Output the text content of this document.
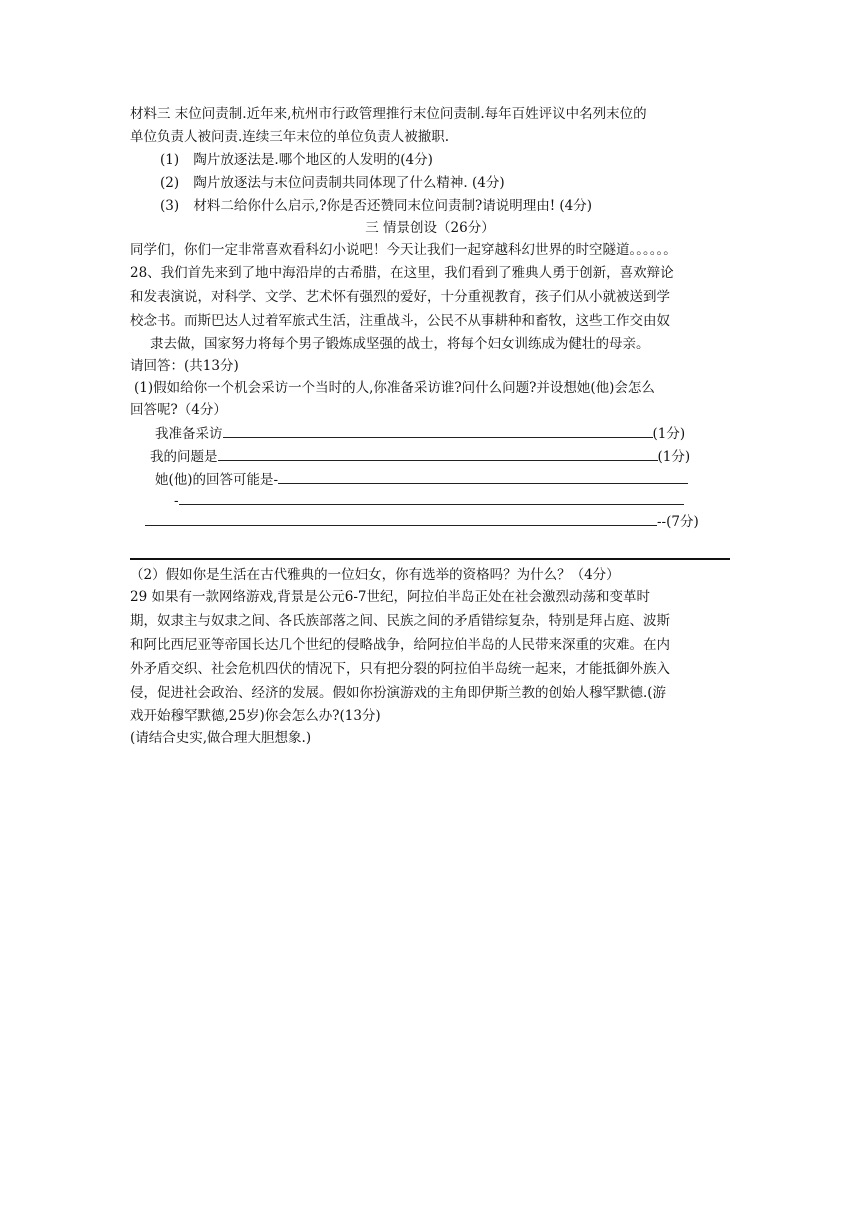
材料三 末位问责制.近年来,杭州市行政管理推行末位问责制.每年百姓评议中名列末位的
单位负责人被问责.连续三年末位的单位负责人被撤职.
(1) 陶片放逐法是.哪个地区的人发明的(4分)
(2) 陶片放逐法与末位问责制共同体现了什么精神. (4分)
(3) 材料二给你什么启示,?你是否还赞同末位问责制?请说明理由! (4分)
三 情景创设（26分）
同学们，你们一定非常喜欢看科幻小说吧！今天让我们一起穿越科幻世界的时空隧道。。。。。。
28、我们首先来到了地中海沿岸的古希腊，在这里，我们看到了雅典人勇于创新，喜欢辩论
和发表演说，对科学、文学、艺术怀有强烈的爱好，十分重视教育，孩子们从小就被送到学
校念书。而斯巴达人过着军旅式生活，注重战斗，公民不从事耕种和畜牧，这些工作交由奴
隶去做，国家努力将每个男子锻炼成坚强的战士，将每个妇女训练成为健壮的母亲。
请回答：(共13分)
(1)假如给你一个机会采访一个当时的人,你准备采访谁?问什么问题?并设想她(他)会怎么
回答呢?（4分）
我准备采访	(1分)
我的问题是	(1分)
她(他)的回答可能是-
-
--(7分)
（2）假如你是生活在古代雅典的一位妇女，你有选举的资格吗？为什么？（4分）
29 如果有一款网络游戏,背景是公元6-7世纪，阿拉伯半岛正处在社会激烈动荡和变革时
期，奴隶主与奴隶之间、各氏族部落之间、民族之间的矛盾错综复杂，特别是拜占庭、波斯
和阿比西尼亚等帝国长达几个世纪的侵略战争，给阿拉伯半岛的人民带来深重的灾难。在内
外矛盾交织、社会危机四伏的情况下，只有把分裂的阿拉伯半岛统一起来，才能抵御外族入
侵，促进社会政治、经济的发展。假如你扮演游戏的主角即伊斯兰教的创始人穆罕默德.(游
戏开始穆罕默德,25岁)你会怎么办?(13分)
(请结合史实,做合理大胆想象.)
